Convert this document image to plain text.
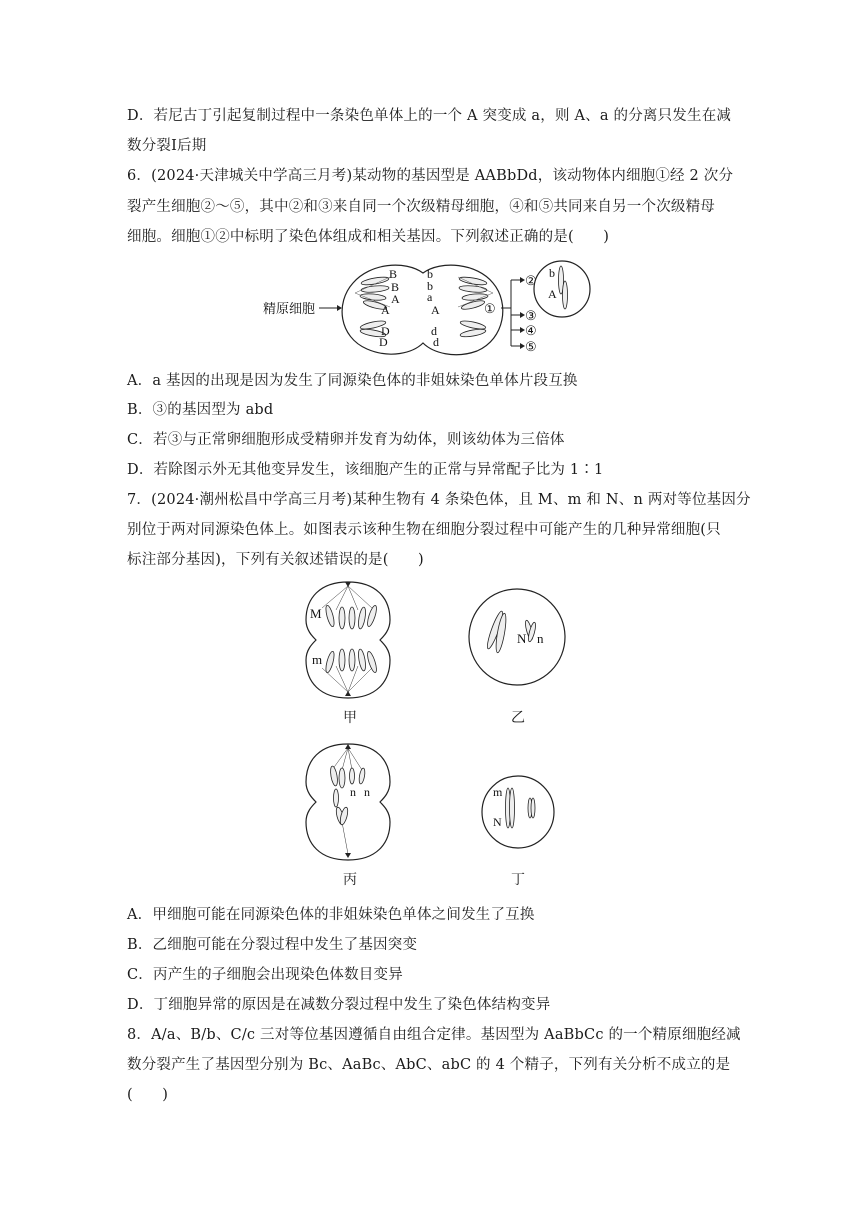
D．若尼古丁引起复制过程中一条染色单体上的一个 A 突变成 a，则 A、a 的分离只发生在减
数分裂Ⅰ后期
6．(2024·天津城关中学高三月考)某动物的基因型是 AABbDd，该动物体内细胞①经 2 次分
裂产生细胞②～⑤，其中②和③来自同一个次级精母细胞，④和⑤共同来自另一个次级精母
细胞。细胞①②中标明了染色体组成和相关基因。下列叙述正确的是(　　)
精原细胞
B
B
A
A
D
D
b
b
a
A
d
d
①
②
③
④
⑤
b
A
A．a 基因的出现是因为发生了同源染色体的非姐妹染色单体片段互换
B．③的基因型为 abd
C．若③与正常卵细胞形成受精卵并发育为幼体，则该幼体为三倍体
D．若除图示外无其他变异发生，该细胞产生的正常与异常配子比为 1∶1
7．(2024·潮州松昌中学高三月考)某种生物有 4 条染色体，且 M、m 和 N、n 两对等位基因分
别位于两对同源染色体上。如图表示该种生物在细胞分裂过程中可能产生的几种异常细胞(只
标注部分基因)，下列有关叙述错误的是(　　)
M
m
甲
N n
乙
n n
丙
m
N
丁
A．甲细胞可能在同源染色体的非姐妹染色单体之间发生了互换
B．乙细胞可能在分裂过程中发生了基因突变
C．丙产生的子细胞会出现染色体数目变异
D．丁细胞异常的原因是在减数分裂过程中发生了染色体结构变异
8．A/a、B/b、C/c 三对等位基因遵循自由组合定律。基因型为 AaBbCc 的一个精原细胞经减
数分裂产生了基因型分别为 Bc、AaBc、AbC、abC 的 4 个精子，下列有关分析不成立的是
(　　)
